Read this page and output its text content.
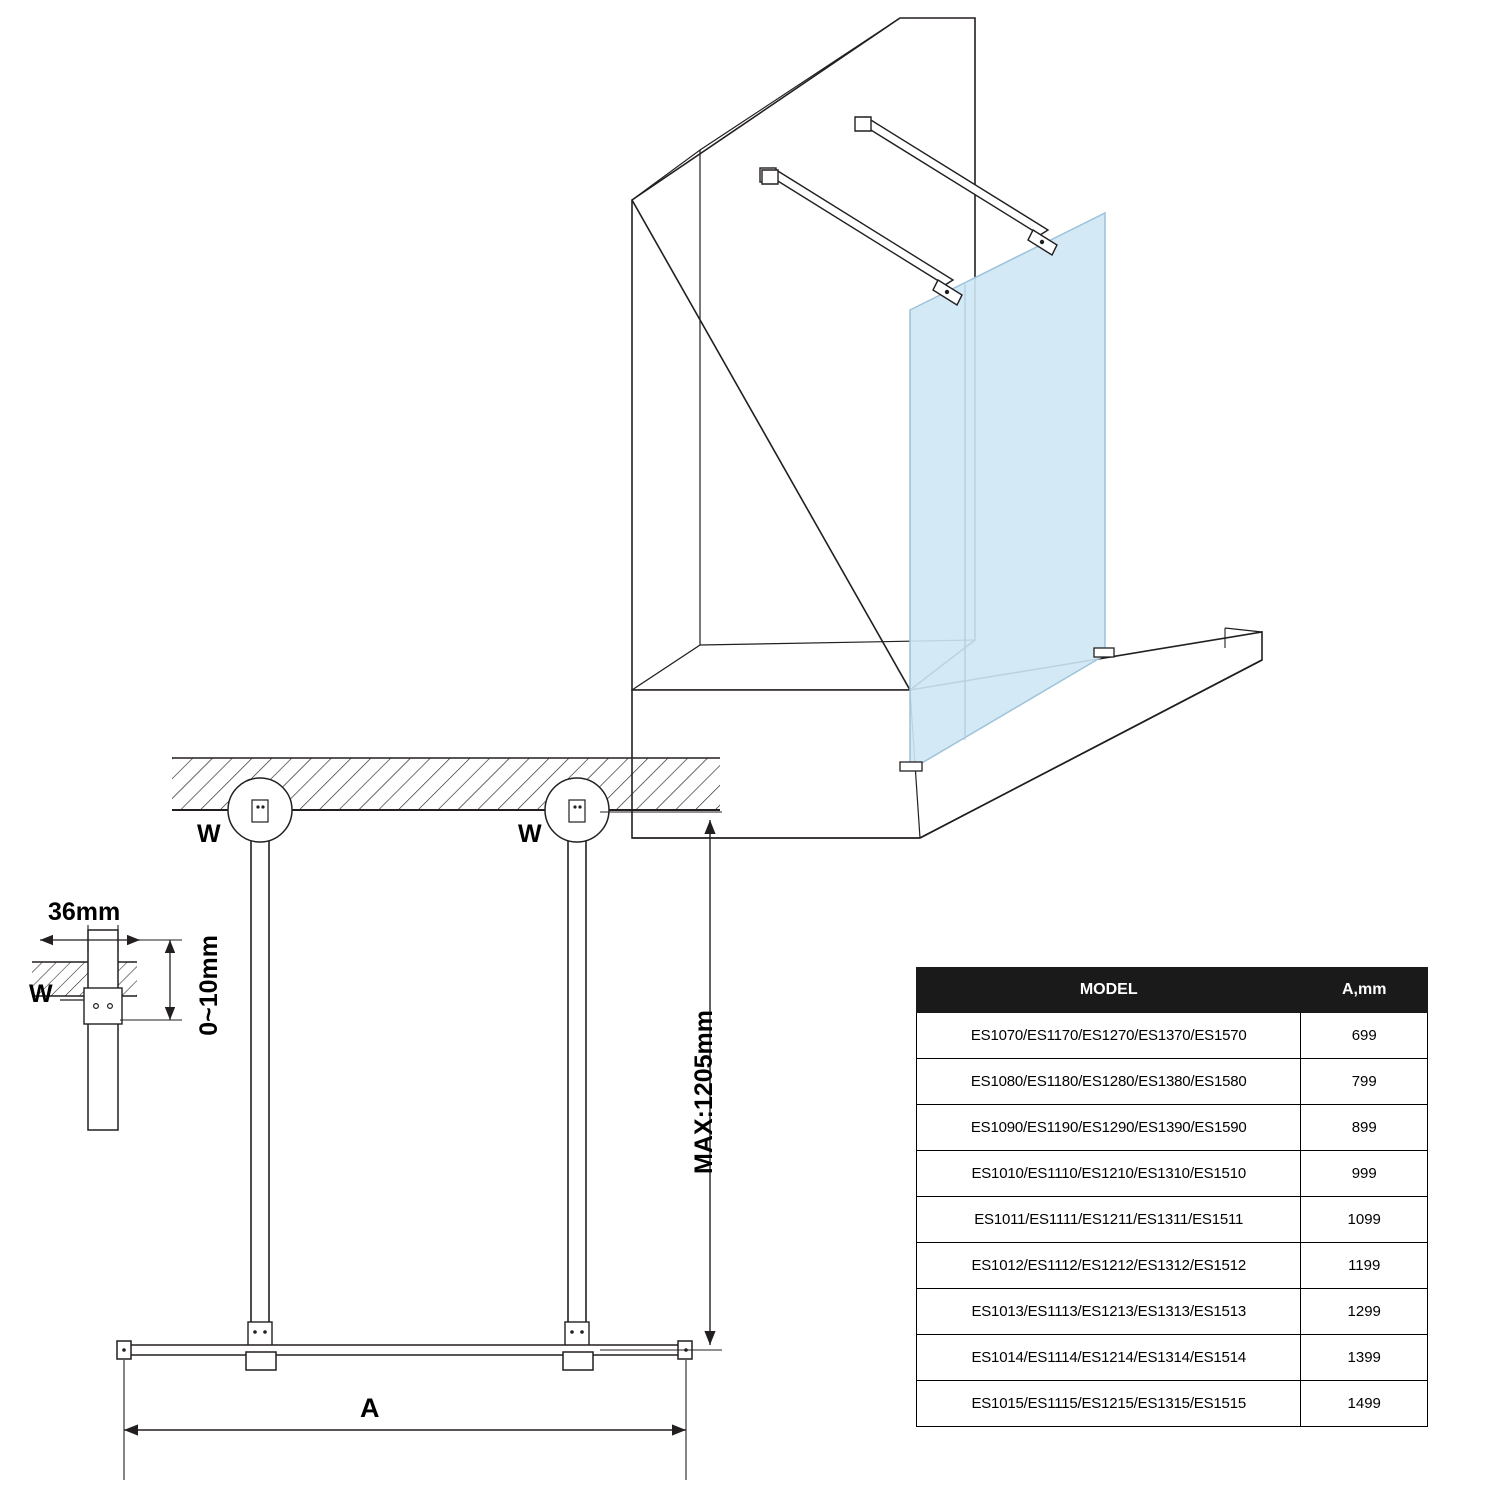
36mm
0~10mm
W
W	W
MAX:1205mm
A
MODEL	A,mm
ES1070/ES1170/ES1270/ES1370/ES1570	699
ES1080/ES1180/ES1280/ES1380/ES1580	799
ES1090/ES1190/ES1290/ES1390/ES1590	899
ES1010/ES1110/ES1210/ES1310/ES1510	999
ES1011/ES1111/ES1211/ES1311/ES1511	1099
ES1012/ES1112/ES1212/ES1312/ES1512	1199
ES1013/ES1113/ES1213/ES1313/ES1513	1299
ES1014/ES1114/ES1214/ES1314/ES1514	1399
ES1015/ES1115/ES1215/ES1315/ES1515	1499
